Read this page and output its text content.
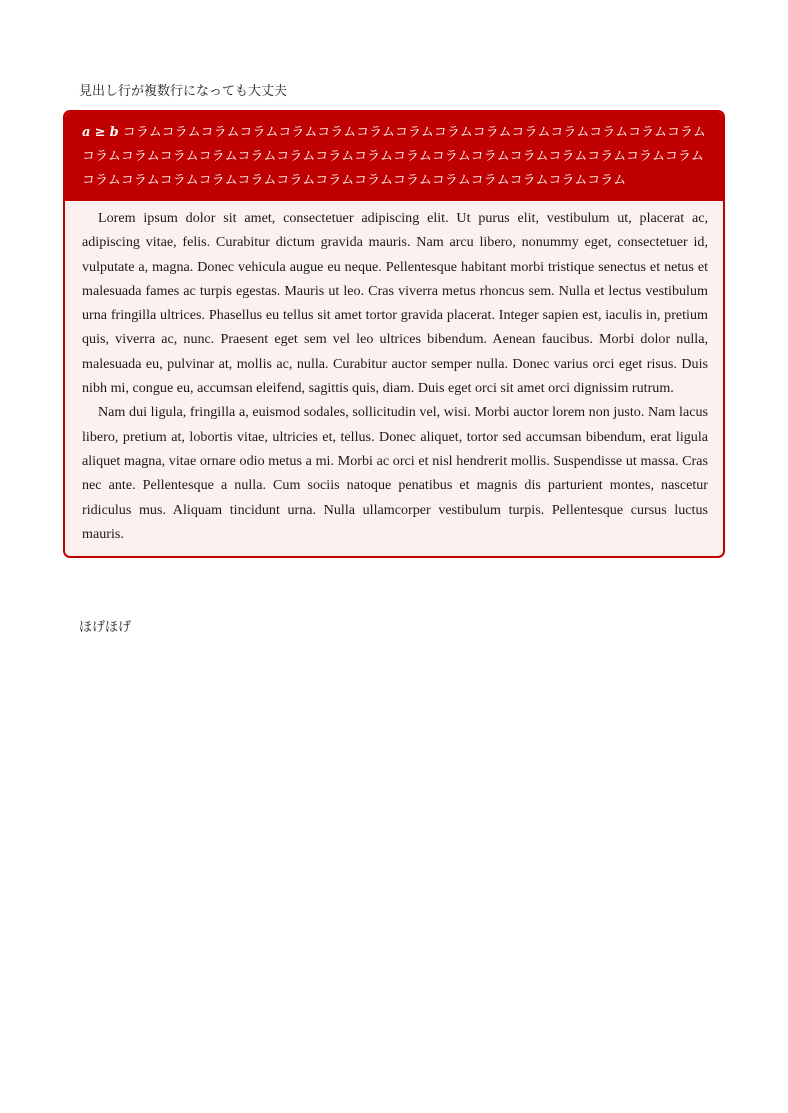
見出し行が複数行になっても大丈夫
a ≥ b コラムコラムコラムコラムコラムコラムコラムコラムコラムコラムコラムコラムコラムコラムコラムコラムコラムコラムコラムコラムコラムコラムコラムコラムコラムコラムコラムコラムコラムコラムコラムコラムコラムコラムコラムコラムコラムコラムコラムコラムコラムコラムコラムコラムコラム

Lorem ipsum dolor sit amet, consectetuer adipiscing elit. Ut purus elit, vestibulum ut, placerat ac, adipiscing vitae, felis. Curabitur dictum gravida mauris. Nam arcu libero, nonummy eget, consectetuer id, vulputate a, magna. Donec vehicula augue eu neque. Pellentesque habitant morbi tristique senectus et netus et malesuada fames ac turpis egestas. Mauris ut leo. Cras viverra metus rhoncus sem. Nulla et lectus vestibulum urna fringilla ultrices. Phasellus eu tellus sit amet tortor gravida placerat. Integer sapien est, iaculis in, pretium quis, viverra ac, nunc. Praesent eget sem vel leo ultrices bibendum. Aenean faucibus. Morbi dolor nulla, malesuada eu, pulvinar at, mollis ac, nulla. Curabitur auctor semper nulla. Donec varius orci eget risus. Duis nibh mi, congue eu, accumsan eleifend, sagittis quis, diam. Duis eget orci sit amet orci dignissim rutrum.

Nam dui ligula, fringilla a, euismod sodales, sollicitudin vel, wisi. Morbi auctor lorem non justo. Nam lacus libero, pretium at, lobortis vitae, ultricies et, tellus. Donec aliquet, tortor sed accumsan bibendum, erat ligula aliquet magna, vitae ornare odio metus a mi. Morbi ac orci et nisl hendrerit mollis. Suspendisse ut massa. Cras nec ante. Pellentesque a nulla. Cum sociis natoque penatibus et magnis dis parturient montes, nascetur ridiculus mus. Aliquam tincidunt urna. Nulla ullamcorper vestibulum turpis. Pellentesque cursus luctus mauris.

ほげほげ
